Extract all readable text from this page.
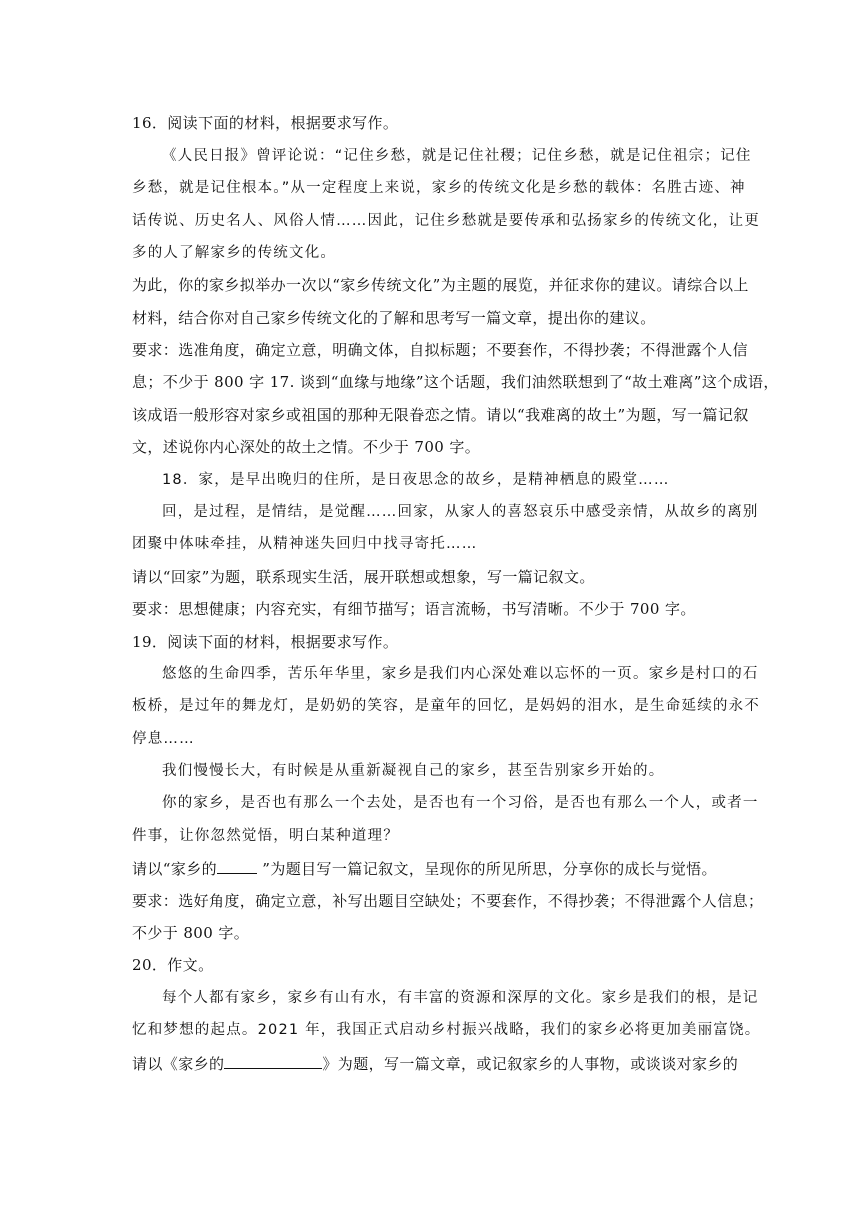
16．阅读下面的材料，根据要求写作。
《人民日报》曾评论说：“记住乡愁，就是记住社稷；记住乡愁，就是记住祖宗；记住
乡愁，就是记住根本。”从一定程度上来说，家乡的传统文化是乡愁的载体：名胜古迹、神
话传说、历史名人、风俗人情……因此，记住乡愁就是要传承和弘扬家乡的传统文化，让更
多的人了解家乡的传统文化。
为此，你的家乡拟举办一次以“家乡传统文化”为主题的展览，并征求你的建议。请综合以上
材料，结合你对自己家乡传统文化的了解和思考写一篇文章，提出你的建议。
要求：选准角度，确定立意，明确文体，自拟标题；不要套作，不得抄袭；不得泄露个人信
息；不少于 800 字 17. 谈到“血缘与地缘”这个话题，我们油然联想到了“故土难离”这个成语，
该成语一般形容对家乡或祖国的那种无限眷恋之情。请以“我难离的故土”为题，写一篇记叙
文，述说你内心深处的故土之情。不少于 700 字。
18．家，是早出晚归的住所，是日夜思念的故乡，是精神栖息的殿堂……
回，是过程，是情结，是觉醒……回家，从家人的喜怒哀乐中感受亲情，从故乡的离别
团聚中体味牵挂，从精神迷失回归中找寻寄托……
请以“回家”为题，联系现实生活，展开联想或想象，写一篇记叙文。
要求：思想健康；内容充实，有细节描写；语言流畅，书写清晰。不少于 700 字。
19．阅读下面的材料，根据要求写作。
悠悠的生命四季，苦乐年华里，家乡是我们内心深处难以忘怀的一页。家乡是村口的石
板桥，是过年的舞龙灯，是奶奶的笑容，是童年的回忆，是妈妈的泪水，是生命延续的永不
停息……
我们慢慢长大，有时候是从重新凝视自己的家乡，甚至告别家乡开始的。
你的家乡，是否也有那么一个去处，是否也有一个习俗，是否也有那么一个人，或者一
件事，让你忽然觉悟，明白某种道理？
请以“家乡的	”为题目写一篇记叙文，呈现你的所见所思，分享你的成长与觉悟。
要求：选好角度，确定立意，补写出题目空缺处；不要套作，不得抄袭；不得泄露个人信息；
不少于 800 字。
20．作文。
每个人都有家乡，家乡有山有水，有丰富的资源和深厚的文化。家乡是我们的根，是记
忆和梦想的起点。2021 年，我国正式启动乡村振兴战略，我们的家乡必将更加美丽富饶。
请以《家乡的	》为题，写一篇文章，或记叙家乡的人事物，或谈谈对家乡的
